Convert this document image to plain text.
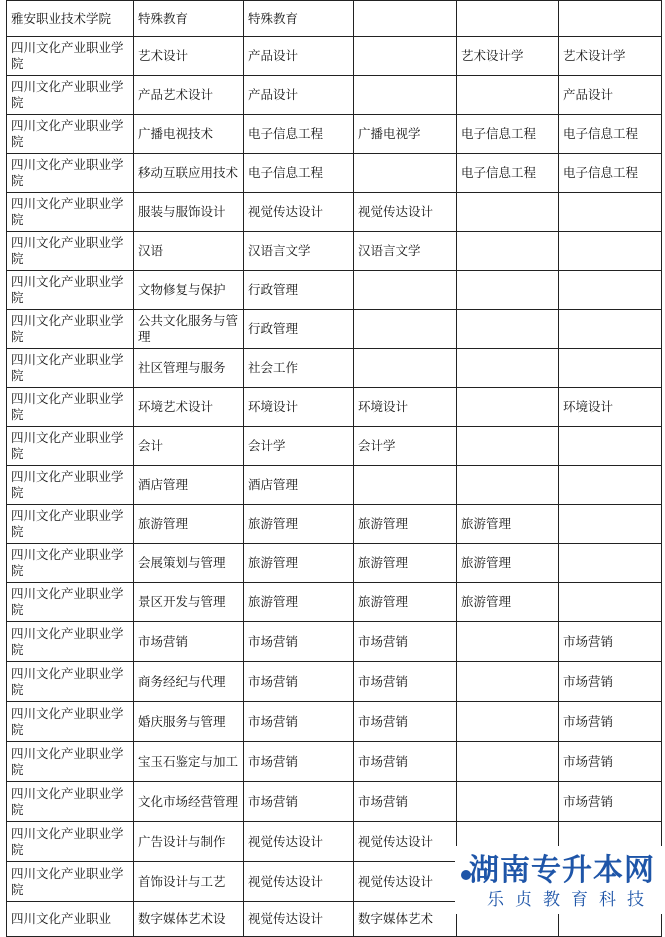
雅安职业技术学院	特殊教育	特殊教育			
四川文化产业职业学院	艺术设计	产品设计		艺术设计学	艺术设计学
四川文化产业职业学院	产品艺术设计	产品设计			产品设计
四川文化产业职业学院	广播电视技术	电子信息工程	广播电视学	电子信息工程	电子信息工程
四川文化产业职业学院	移动互联应用技术	电子信息工程		电子信息工程	电子信息工程
四川文化产业职业学院	服装与服饰设计	视觉传达设计	视觉传达设计		
四川文化产业职业学院	汉语	汉语言文学	汉语言文学		
四川文化产业职业学院	文物修复与保护	行政管理			
四川文化产业职业学院	公共文化服务与管理	行政管理			
四川文化产业职业学院	社区管理与服务	社会工作			
四川文化产业职业学院	环境艺术设计	环境设计	环境设计		环境设计
四川文化产业职业学院	会计	会计学	会计学		
四川文化产业职业学院	酒店管理	酒店管理			
四川文化产业职业学院	旅游管理	旅游管理	旅游管理	旅游管理	
四川文化产业职业学院	会展策划与管理	旅游管理	旅游管理	旅游管理	
四川文化产业职业学院	景区开发与管理	旅游管理	旅游管理	旅游管理	
四川文化产业职业学院	市场营销	市场营销	市场营销		市场营销
四川文化产业职业学院	商务经纪与代理	市场营销	市场营销		市场营销
四川文化产业职业学院	婚庆服务与管理	市场营销	市场营销		市场营销
四川文化产业职业学院	宝玉石鉴定与加工	市场营销	市场营销		市场营销
四川文化产业职业学院	文化市场经营管理	市场营销	市场营销		市场营销
四川文化产业职业学院	广告设计与制作	视觉传达设计	视觉传达设计		
四川文化产业职业学院	首饰设计与工艺	视觉传达设计	视觉传达设计		
四川文化产业职业	数字媒体艺术设	视觉传达设计	数字媒体艺术		
湖南专升本网
乐贞教育科技
